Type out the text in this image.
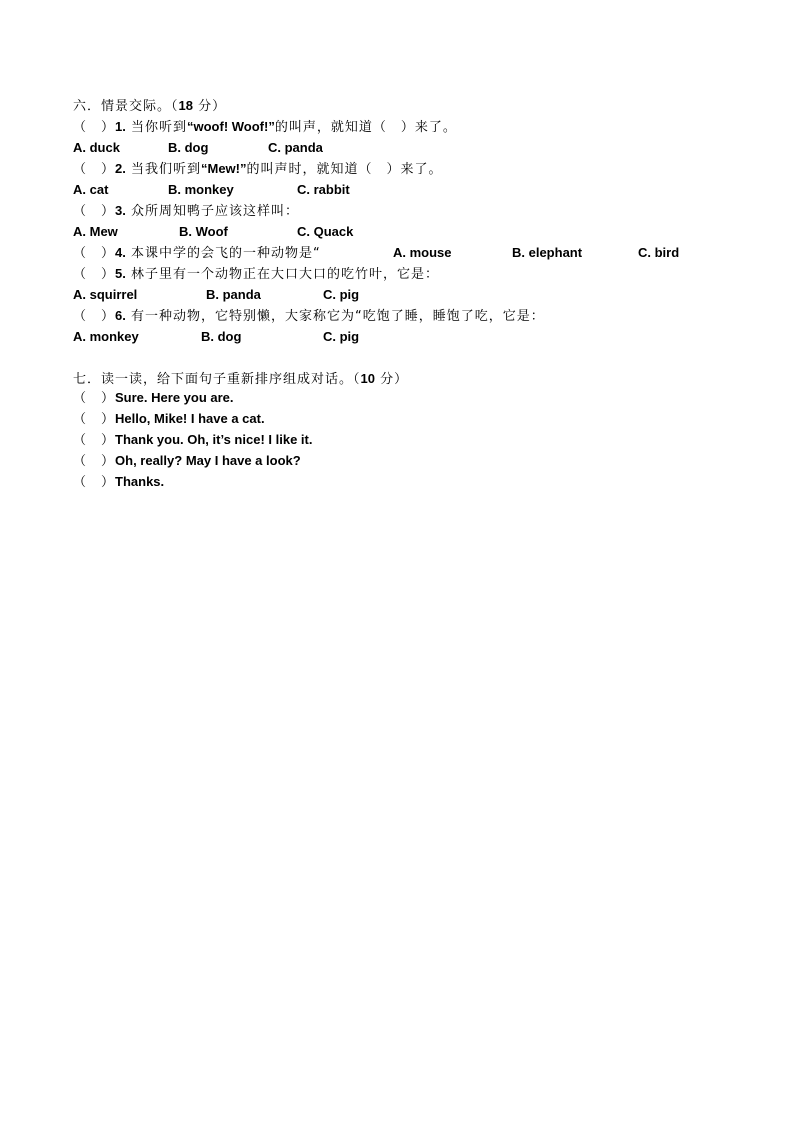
六．情景交际。（18 分）
（　）1. 当你听到“woof! Woof!”的叫声，就知道（　）来了。
A. duck	B. dog	C. panda
（　）2. 当我们听到“Mew!”的叫声时，就知道（　）来了。
A. cat	B. monkey	C. rabbit
（　）3. 众所周知鸭子应该这样叫：
A. Mew	B. Woof	C. Quack
（　）4. 本课中学的会飞的一种动物是“	A. mouse	B. elephant	C. bird
（　）5. 林子里有一个动物正在大口大口的吃竹叶，它是：
A. squirrel	B. panda	C. pig
（　）6. 有一种动物，它特别懒，大家称它为“吃饱了睡，睡饱了吃，它是：
A. monkey	B. dog	C. pig
七．读一读，给下面句子重新排序组成对话。（10 分）
（　）Sure. Here you are.
（　）Hello, Mike! I have a cat.
（　）Thank you. Oh, it’s nice! I like it.
（　）Oh, really? May I have a look?
（　）Thanks.
